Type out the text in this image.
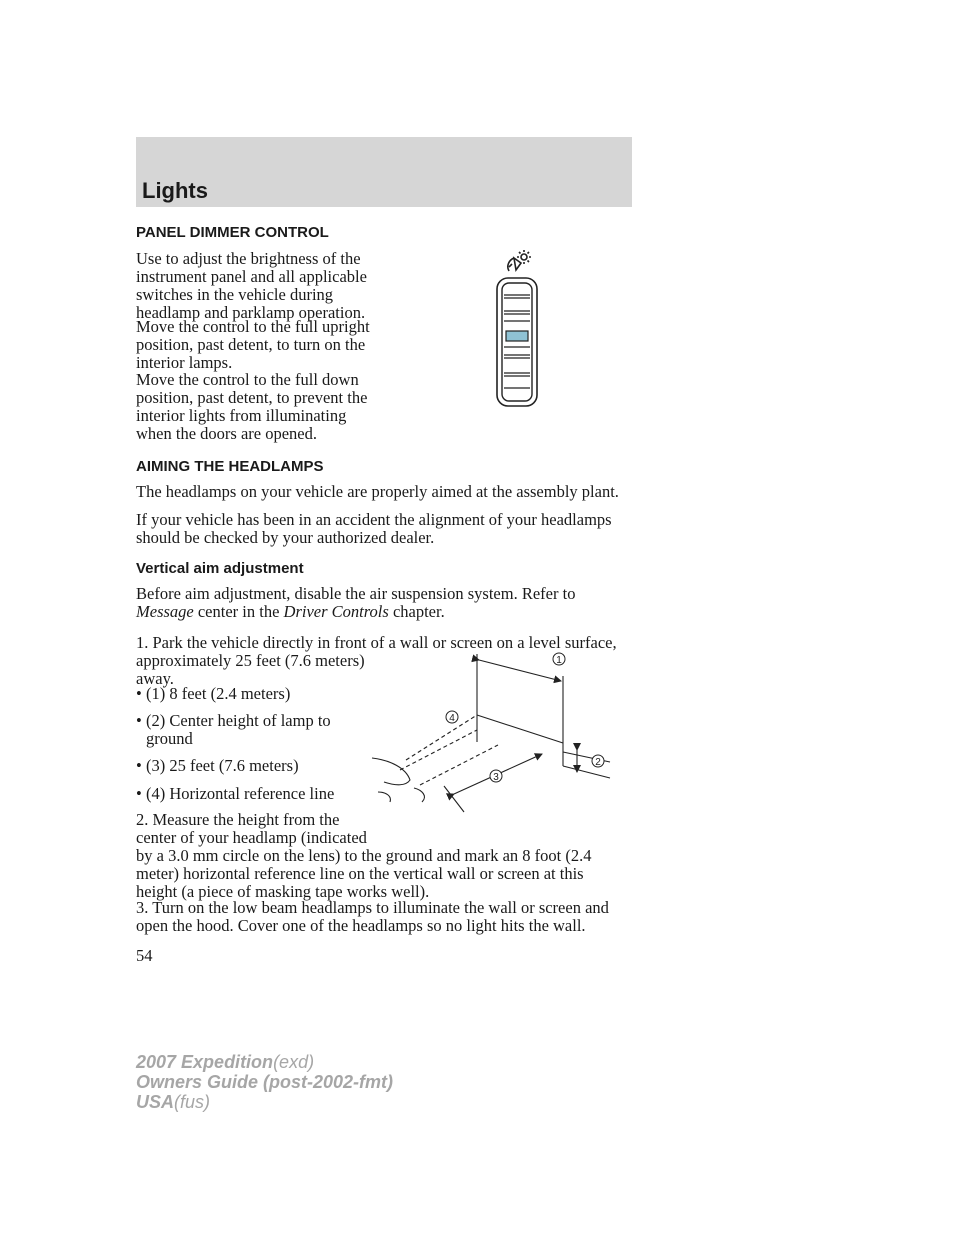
Lights
PANEL DIMMER CONTROL
Use to adjust the brightness of the
instrument panel and all applicable
switches in the vehicle during
headlamp and parklamp operation.
Move the control to the full upright
position, past detent, to turn on the
interior lamps.
Move the control to the full down
position, past detent, to prevent the
interior lights from illuminating
when the doors are opened.
AIMING THE HEADLAMPS

The headlamps on your vehicle are properly aimed at the assembly plant.

If your vehicle has been in an accident the alignment of your headlamps
should be checked by your authorized dealer.
Vertical aim adjustment
Before aim adjustment, disable the air suspension system. Refer to
Message center in the Driver Controls chapter.
1. Park the vehicle directly in front of a wall or screen on a level surface,
approximately 25 feet (7.6 meters)
away.
• (1) 8 feet (2.4 meters)
• (2) Center height of lamp to
ground
• (3) 25 feet (7.6 meters)
• (4) Horizontal reference line
2. Measure the height from the
center of your headlamp (indicated
by a 3.0 mm circle on the lens) to the ground and mark an 8 foot (2.4
meter) horizontal reference line on the vertical wall or screen at this
height (a piece of masking tape works well).
3. Turn on the low beam headlamps to illuminate the wall or screen and
open the hood. Cover one of the headlamps so no light hits the wall.
1
4
2
3

54

2007 Expedition(exd)
Owners Guide (post-2002-fmt)
USA(fus)
